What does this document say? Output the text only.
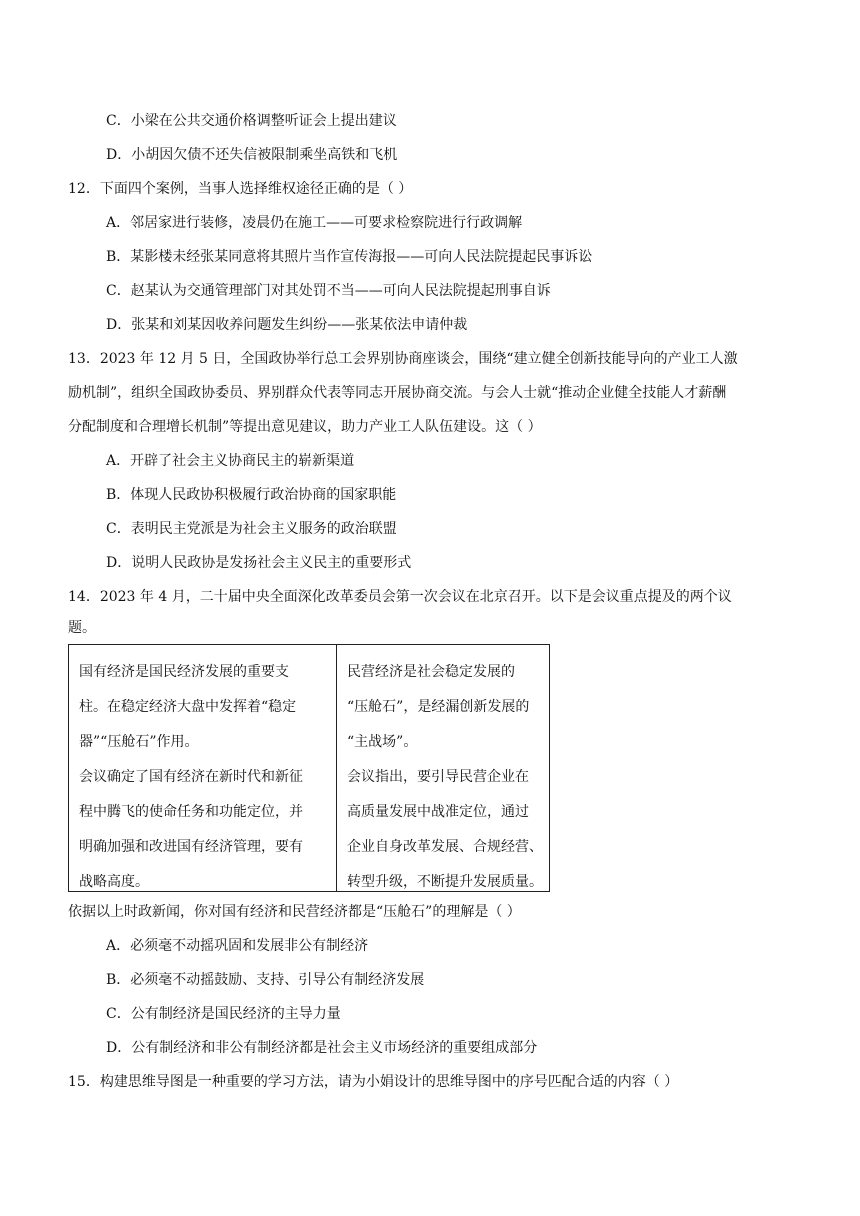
C．小梁在公共交通价格调整听证会上提出建议
D．小胡因欠债不还失信被限制乘坐高铁和飞机
12．下面四个案例，当事人选择维权途径正确的是（ ）
A．邻居家进行装修，凌晨仍在施工——可要求检察院进行行政调解
B．某影楼未经张某同意将其照片当作宣传海报——可向人民法院提起民事诉讼
C．赵某认为交通管理部门对其处罚不当——可向人民法院提起刑事自诉
D．张某和刘某因收养问题发生纠纷——张某依法申请仲裁
13．2023 年 12 月 5 日，全国政协举行总工会界别协商座谈会，围绕“建立健全创新技能导向的产业工人激
励机制”，组织全国政协委员、界别群众代表等同志开展协商交流。与会人士就“推动企业健全技能人才薪酬
分配制度和合理增长机制”等提出意见建议，助力产业工人队伍建设。这（ ）
A．开辟了社会主义协商民主的崭新渠道
B．体现人民政协积极履行政治协商的国家职能
C．表明民主党派是为社会主义服务的政治联盟
D．说明人民政协是发扬社会主义民主的重要形式
14．2023 年 4 月，二十届中央全面深化改革委员会第一次会议在北京召开。以下是会议重点提及的两个议
题。
国有经济是国民经济发展的重要支
柱。在稳定经济大盘中发挥着“稳定
器”“压舱石”作用。
会议确定了国有经济在新时代和新征
程中腾飞的使命任务和功能定位，并
明确加强和改进国有经济管理，要有
战略高度。
民营经济是社会稳定发展的
“压舱石”，是经漏创新发展的
“主战场”。
会议指出，要引导民营企业在
高质量发展中战准定位，通过
企业自身改革发展、合规经营、
转型升级，不断提升发展质量。
依据以上时政新闻，你对国有经济和民营经济都是“压舱石”的理解是（ ）
A．必须毫不动摇巩固和发展非公有制经济
B．必须毫不动摇鼓励、支持、引导公有制经济发展
C．公有制经济是国民经济的主导力量
D．公有制经济和非公有制经济都是社会主义市场经济的重要组成部分
15．构建思维导图是一种重要的学习方法，请为小娟设计的思维导图中的序号匹配合适的内容（ ）
